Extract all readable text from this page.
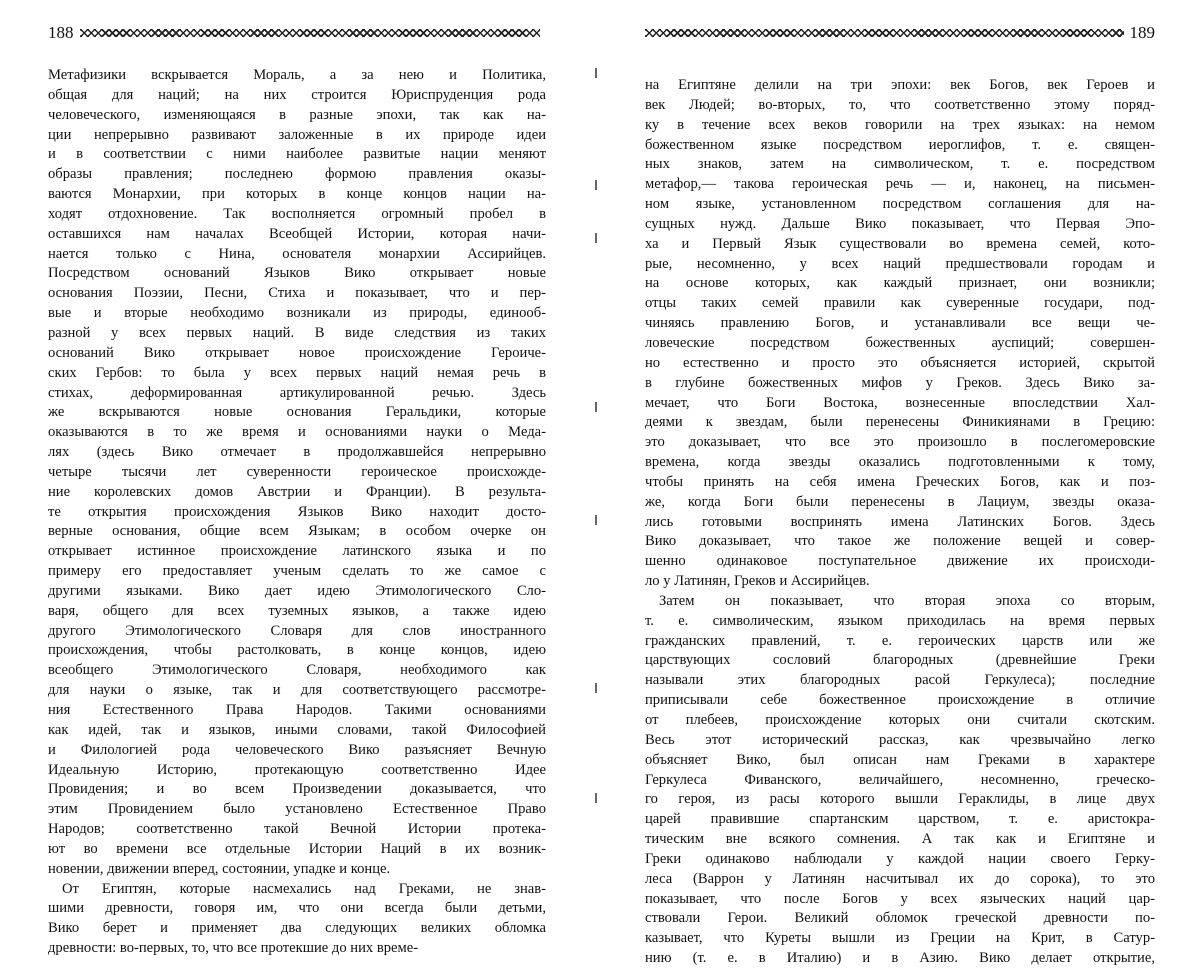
188
Метафизики вскрывается Мораль, а за нею и Политика,
общая для наций; на них строится Юриспруденция рода
человеческого, изменяющаяся в разные эпохи, так как на-
ции непрерывно развивают заложенные в их природе идеи
и в соответствии с ними наиболее развитые нации меняют
образы правления; последнею формою правления оказы-
ваются Монархии, при которых в конце концов нации на-
ходят отдохновение. Так восполняется огромный пробел в
оставшихся нам началах Всеобщей Истории, которая начи-
нается только с Нина, основателя монархии Ассирийцев.
Посредством оснований Языков Вико открывает новые
основания Поэзии, Песни, Стиха и показывает, что и пер-
вые и вторые необходимо возникали из природы, единооб-
разной у всех первых наций. В виде следствия из таких
оснований Вико открывает новое происхождение Героиче-
ских Гербов: то была у всех первых наций немая речь в
стихах, деформированная артикулированной речью. Здесь
же вскрываются новые основания Геральдики, которые
оказываются в то же время и основаниями науки о Меда-
лях (здесь Вико отмечает в продолжавшейся непрерывно
четыре тысячи лет суверенности героическое происхожде-
ние королевских домов Австрии и Франции). В результа-
те открытия происхождения Языков Вико находит досто-
верные основания, общие всем Языкам; в особом очерке он
открывает истинное происхождение латинского языка и по
примеру его предоставляет ученым сделать то же самое с
другими языками. Вико дает идею Этимологического Сло-
варя, общего для всех туземных языков, а также идею
другого Этимологического Словаря для слов иностранного
происхождения, чтобы растолковать, в конце концов, идею
всеобщего Этимологического Словаря, необходимого как
для науки о языке, так и для соответствующего рассмотре-
ния Естественного Права Народов. Такими основаниями
как идей, так и языков, иными словами, такой Философией
и Филологией рода человеческого Вико разъясняет Вечную
Идеальную Историю, протекающую соответственно Идее
Провидения; и во всем Произведении доказывается, что
этим Провидением было установлено Естественное Право
Народов; соответственно такой Вечной Истории протека-
ют во времени все отдельные Истории Наций в их возник-
новении, движении вперед, состоянии, упадке и конце.
От Египтян, которые насмехались над Греками, не знав-
шими древности, говоря им, что они всегда были детьми,
Вико берет и применяет два следующих великих обломка
древности: во-первых, то, что все протекшие до них време-
189
на Египтяне делили на три эпохи: век Богов, век Героев и
век Людей; во-вторых, то, что соответственно этому поряд-
ку в течение всех веков говорили на трех языках: на немом
божественном языке посредством иероглифов, т. е. священ-
ных знаков, затем на символическом, т. е. посредством
метафор,— такова героическая речь — и, наконец, на письмен-
ном языке, установленном посредством соглашения для на-
сущных нужд. Дальше Вико показывает, что Первая Эпо-
ха и Первый Язык существовали во времена семей, кото-
рые, несомненно, у всех наций предшествовали городам и
на основе которых, как каждый признает, они возникли;
отцы таких семей правили как суверенные государи, под-
чиняясь правлению Богов, и устанавливали все вещи че-
ловеческие посредством божественных ауспиций; совершен-
но естественно и просто это объясняется историей, скрытой
в глубине божественных мифов у Греков. Здесь Вико за-
мечает, что Боги Востока, вознесенные впоследствии Хал-
деями к звездам, были перенесены Финикиянами в Грецию:
это доказывает, что все это произошло в послегомеровские
времена, когда звезды оказались подготовленными к тому,
чтобы принять на себя имена Греческих Богов, как и поз-
же, когда Боги были перенесены в Лациум, звезды оказа-
лись готовыми воспринять имена Латинских Богов. Здесь
Вико доказывает, что такое же положение вещей и совер-
шенно одинаковое поступательное движение их происходи-
ло у Латинян, Греков и Ассирийцев.
Затем он показывает, что вторая эпоха со вторым,
т. е. символическим, языком приходилась на время первых
гражданских правлений, т. е. героических царств или же
царствующих сословий благородных (древнейшие Греки
называли этих благородных расой Геркулеса); последние
приписывали себе божественное происхождение в отличие
от плебеев, происхождение которых они считали скотским.
Весь этот исторический рассказ, как чрезвычайно легко
объясняет Вико, был описан нам Греками в характере
Геркулеса Фиванского, величайшего, несомненно, греческо-
го героя, из расы которого вышли Гераклиды, в лице двух
царей правившие спартанским царством, т. е. аристокра-
тическим вне всякого сомнения. А так как и Египтяне и
Греки одинаково наблюдали у каждой нации своего Герку-
леса (Варрон у Латинян насчитывал их до сорока), то это
показывает, что после Богов у всех языческих наций цар-
ствовали Герои. Великий обломок греческой древности по-
казывает, что Куреты вышли из Греции на Крит, в Сатур-
нию (т. е. в Италию) и в Азию. Вико делает открытие,
